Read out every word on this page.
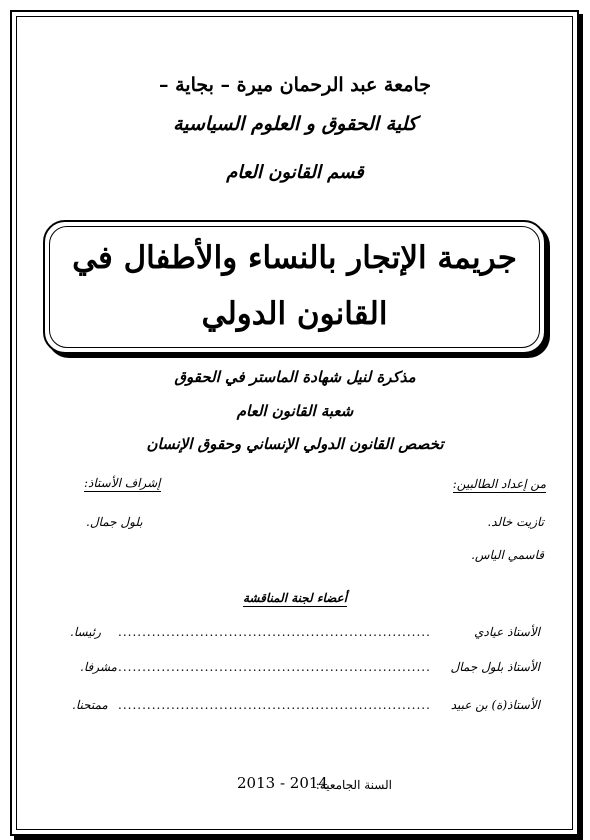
جامعة عبد الرحمان ميرة – بجاية –
كلية الحقوق و العلوم السياسية
قسم القانون العام
جريمة الإتجار بالنساء والأطفال في
القانون الدولي
مذكرة لنيل شهادة الماستر في الحقوق
شعبة القانون العام
تخصص القانون الدولي الإنساني وحقوق الإنسان
من إعداد الطالبين:
إشراف الأستاذ:
تازيت خالد.
قاسمي الياس.
بلول جمال.
أعضاء لجنة المناقشة
الأستاذ عيادي
.................................................................
رئيسا.
الأستاذ بلول جمال
.................................................................
مشرفا.
الأستاذ(ة) بن عبيد
.................................................................
ممتحنا.
السنة الجامعية:
2013 - 2014
